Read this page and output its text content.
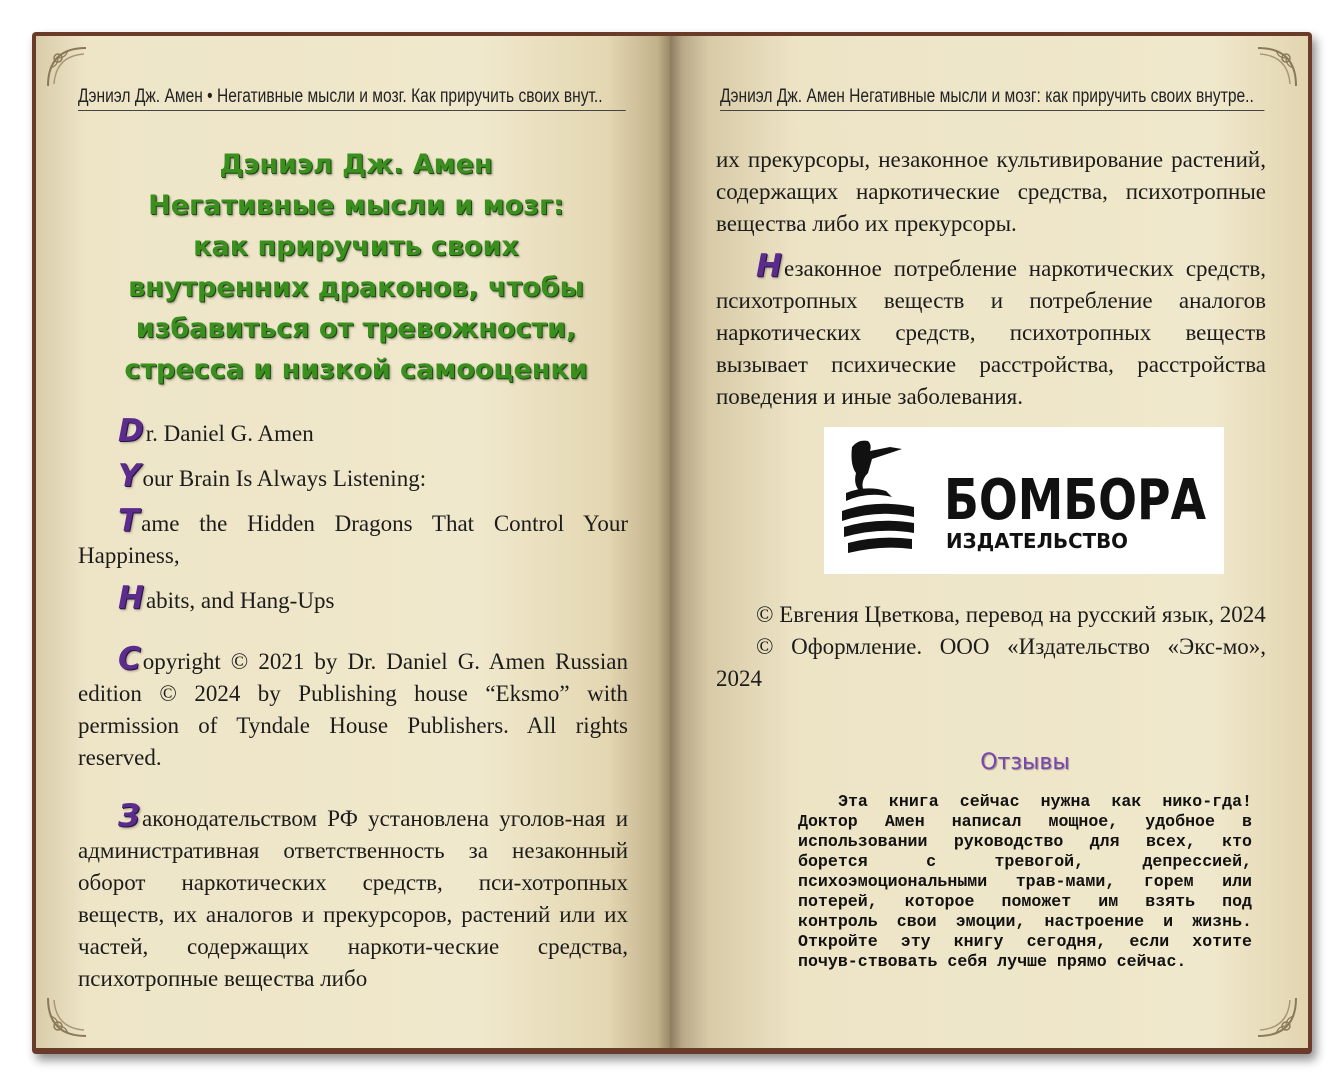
Дэниэл Дж. Амен • Негативные мысли и мозг. Как приручить своих внут..
Дэниэл Дж. Амен
Негативные мысли и мозг:
как приручить своих
внутренних драконов, чтобы
избавиться от тревожности,
стресса и низкой самооценки

Dr. Daniel G. Amen

Your Brain Is Always Listening:

Tame the Hidden Dragons That Control Your Happiness,

Habits, and Hang-Ups

Copyright © 2021 by Dr. Daniel G. Amen Russian edition © 2024 by Publishing house “Eksmo” with permission of Tyndale House Publishers. All rights reserved.

Законодательством РФ установлена уголов-ная и административная ответственность за незаконный оборот наркотических средств, пси-хотропных веществ, их аналогов и прекурсоров, растений или их частей, содержащих наркоти-ческие средства, психотропные вещества либо

Дэниэл Дж. Амен Негативные мысли и мозг: как приручить своих внутре..

их прекурсоры, незаконное культивирование растений, содержащих наркотические средства, психотропные вещества либо их прекурсоры.

Незаконное потребление наркотических средств, психотропных веществ и потребление аналогов наркотических средств, психотропных веществ вызывает психические расстройства, расстройства поведения и иные заболевания.

БОМБОРА
ИЗДАТЕЛЬСТВО

© Евгения Цветкова, перевод на русский язык, 2024

© Оформление. ООО «Издательство «Экс-мо», 2024

Отзывы
Эта книга сейчас нужна как нико-гда! Доктор Амен написал мощное, удобное в использовании руководство для всех, кто борется с тревогой, депрессией, психоэмоциональными трав-мами, горем или потерей, которое поможет им взять под контроль свои эмоции, настроение и жизнь. Откройте эту книгу сегодня, если хотите почув-ствовать себя лучше прямо сейчас.
